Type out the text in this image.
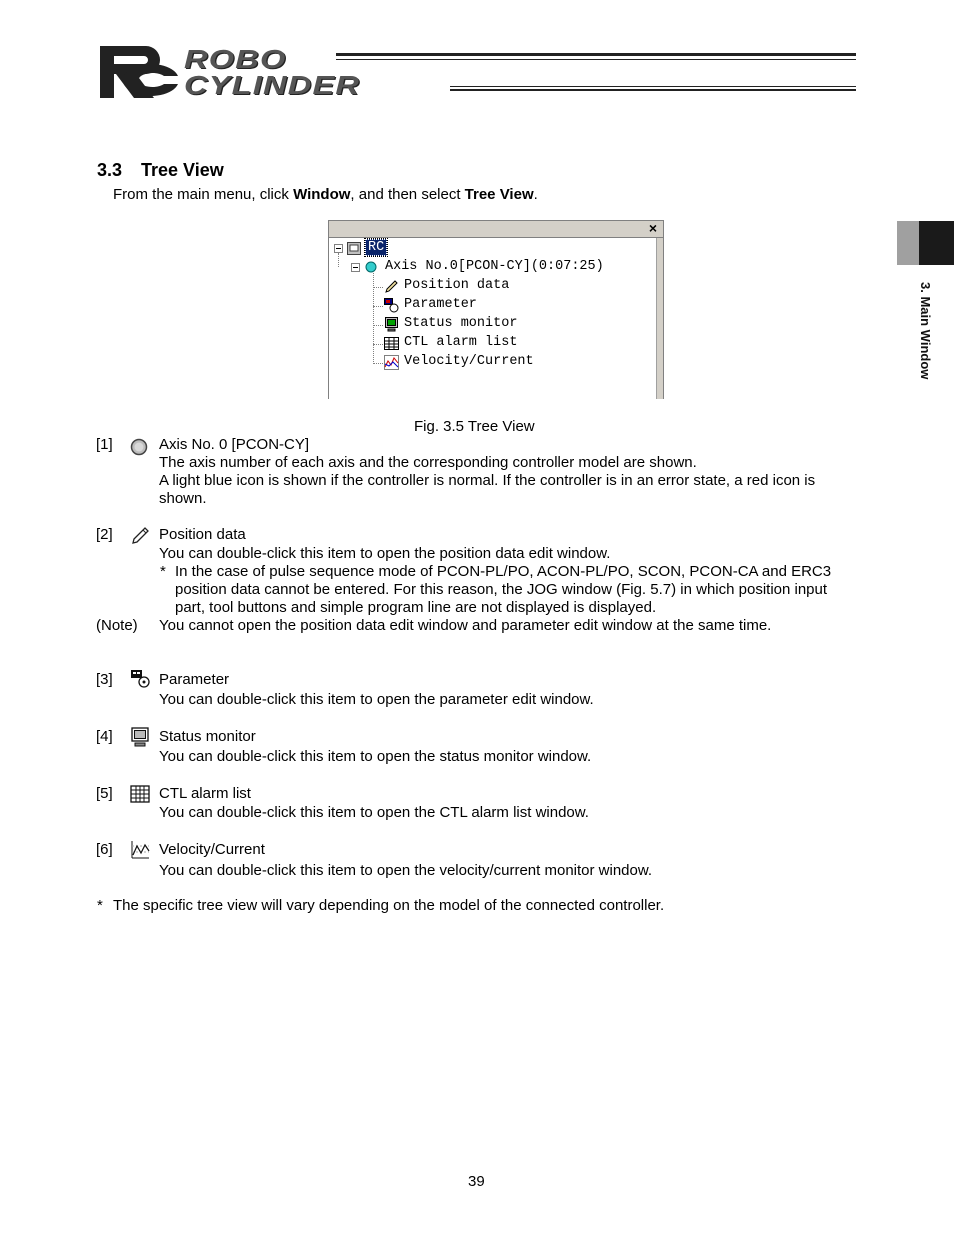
ROBO
CYLINDER
3. Main Window
3.3 Tree View
From the main menu, click Window, and then select Tree View.
×
RC
Axis No.0[PCON-CY](0:07:25)
Position data
Parameter
Status monitor
CTL alarm list
Velocity/Current
Fig. 3.5 Tree View
[1]	Axis No. 0 [PCON-CY]
The axis number of each axis and the corresponding controller model are shown.
A light blue icon is shown if the controller is normal. If the controller is in an error state, a red icon is
shown.
[2]	Position data
You can double-click this item to open the position data edit window.
* In the case of pulse sequence mode of PCON-PL/PO, ACON-PL/PO, SCON, PCON-CA and ERC3
position data cannot be entered. For this reason, the JOG window (Fig. 5.7) in which position input
part, tool buttons and simple program line are not displayed is displayed.
(Note) You cannot open the position data edit window and parameter edit window at the same time.
[3]	Parameter
You can double-click this item to open the parameter edit window.
[4]	Status monitor
You can double-click this item to open the status monitor window.
[5]	CTL alarm list
You can double-click this item to open the CTL alarm list window.
[6]	Velocity/Current
You can double-click this item to open the velocity/current monitor window.
* The specific tree view will vary depending on the model of the connected controller.
39
